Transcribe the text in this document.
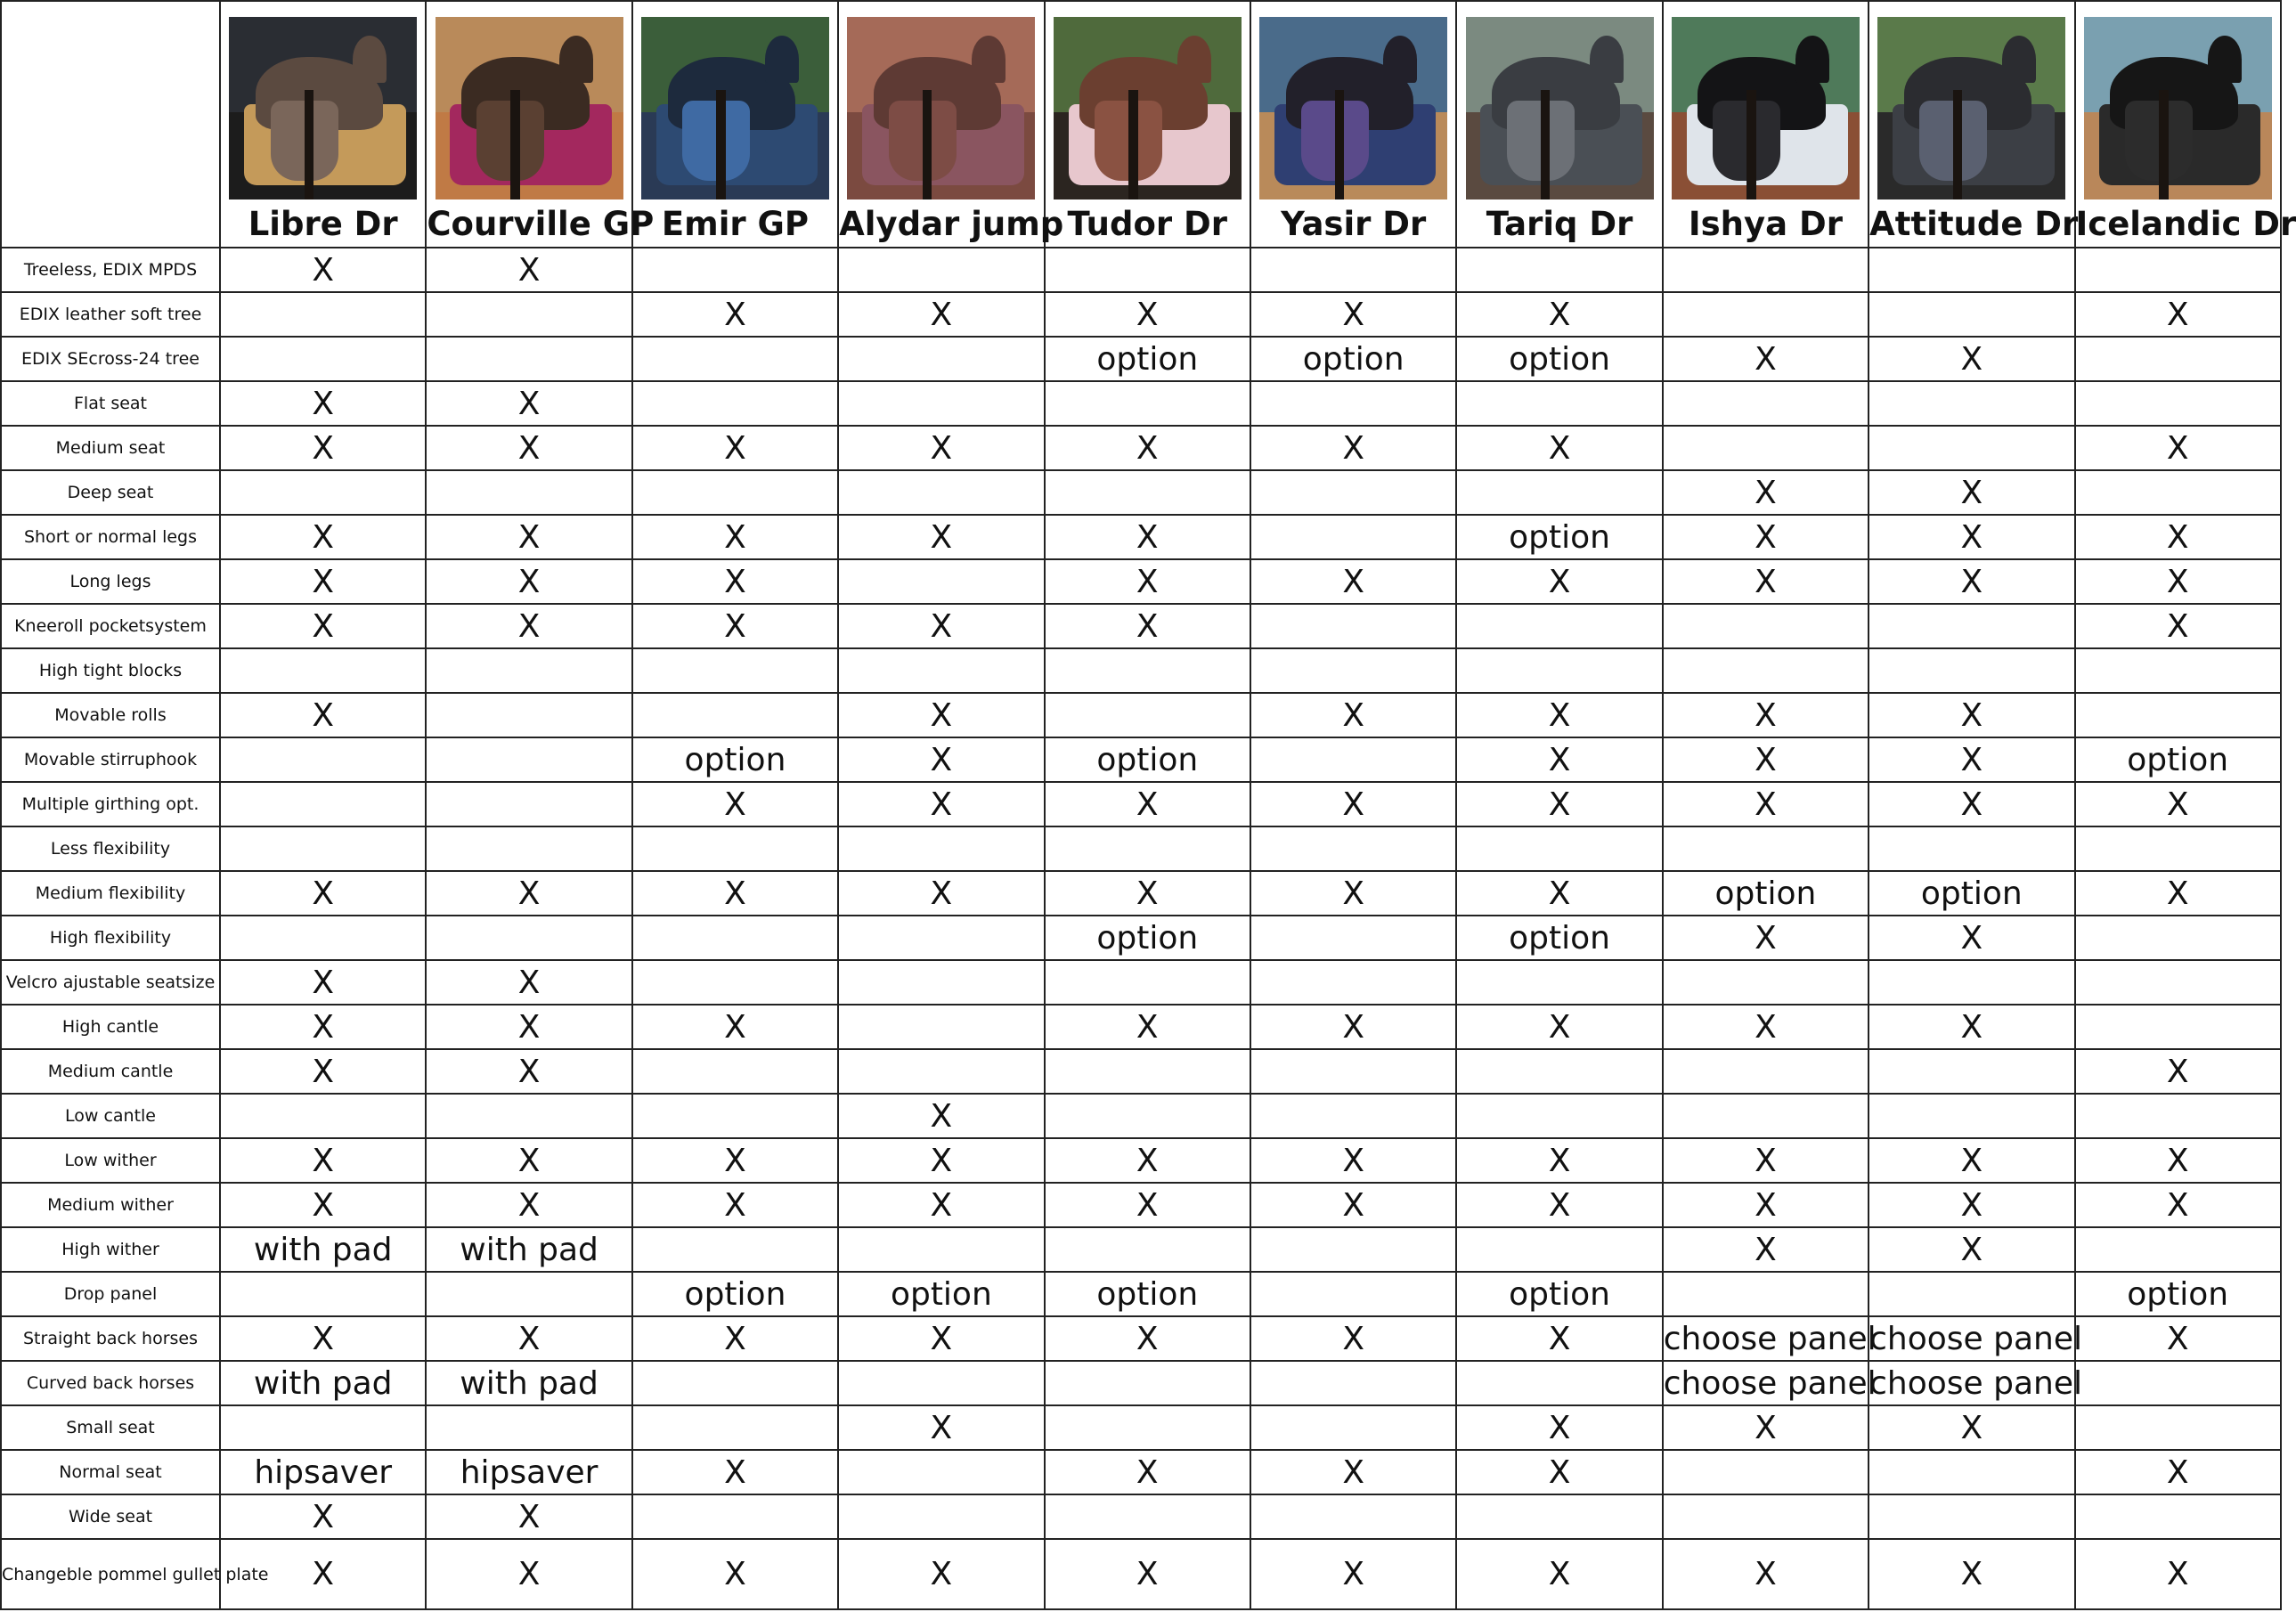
	Libre Dr	Courville GP	Emir GP	Alydar jump	Tudor Dr	Yasir Dr	Tariq Dr	Ishya Dr	Attitude Dr	Icelandic Dr

Treeless, EDIX MPDS	X	X								
EDIX leather soft tree			X	X	X	X	X			X
EDIX SEcross-24 tree					option	option	option	X	X	
Flat seat	X	X								
Medium seat	X	X	X	X	X	X	X			X
Deep seat								X	X	
Short or normal legs	X	X	X	X	X		option	X	X	X
Long legs	X	X	X		X	X	X	X	X	X
Kneeroll pocketsystem	X	X	X	X	X					X
High tight blocks										
Movable rolls	X			X		X	X	X	X	
Movable stirruphook			option	X	option		X	X	X	option
Multiple girthing opt.			X	X	X	X	X	X	X	X
Less flexibility										
Medium flexibility	X	X	X	X	X	X	X	option	option	X
High flexibility					option		option	X	X	
Velcro ajustable seatsize	X	X								
High cantle	X	X	X		X	X	X	X	X	
Medium cantle	X	X								X
Low cantle				X						
Low wither	X	X	X	X	X	X	X	X	X	X
Medium wither	X	X	X	X	X	X	X	X	X	X
High wither	with pad	with pad						X	X	
Drop panel			option	option	option		option			option
Straight back horses	X	X	X	X	X	X	X	choose panel	choose panel	X
Curved back horses	with pad	with pad						choose panel	choose panel	
Small seat				X			X	X	X	
Normal seat	hipsaver	hipsaver	X		X	X	X			X
Wide seat	X	X								
Changeble pommel gullet plate	X	X	X	X	X	X	X	X	X	X
